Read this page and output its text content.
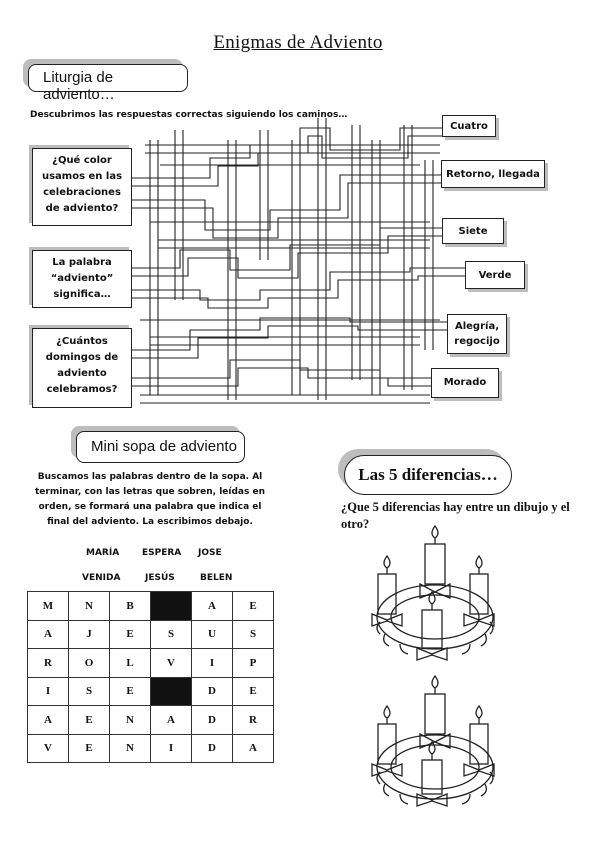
Enigmas de Adviento
Liturgia de adviento…
Descubrimos las respuestas correctas siguiendo los caminos…
¿Qué color
usamos en las
celebraciones
de adviento?
La palabra
“adviento”
significa…
¿Cuántos
domingos de
adviento
celebramos?
Cuatro
Retorno, llegada
Siete
Verde
Alegría,
regocijo
Morado
Mini sopa de adviento
Buscamos las palabras dentro de la sopa. Al terminar, con las letras que sobren, leídas en orden, se formará una palabra que indica el final del adviento. La escribimos debajo.
MARÍA	ESPERA JOSE
VENIDA	JESÚS	BELEN
M	N	B		A	E
A	J	E	S	U	S
R	O	L	V	I	P
I	S	E		D	E
A	E	N	A	D	R
V	E	N	I	D	A
Las 5 diferencias…
¿Que 5 diferencias hay entre un dibujo y el otro?
